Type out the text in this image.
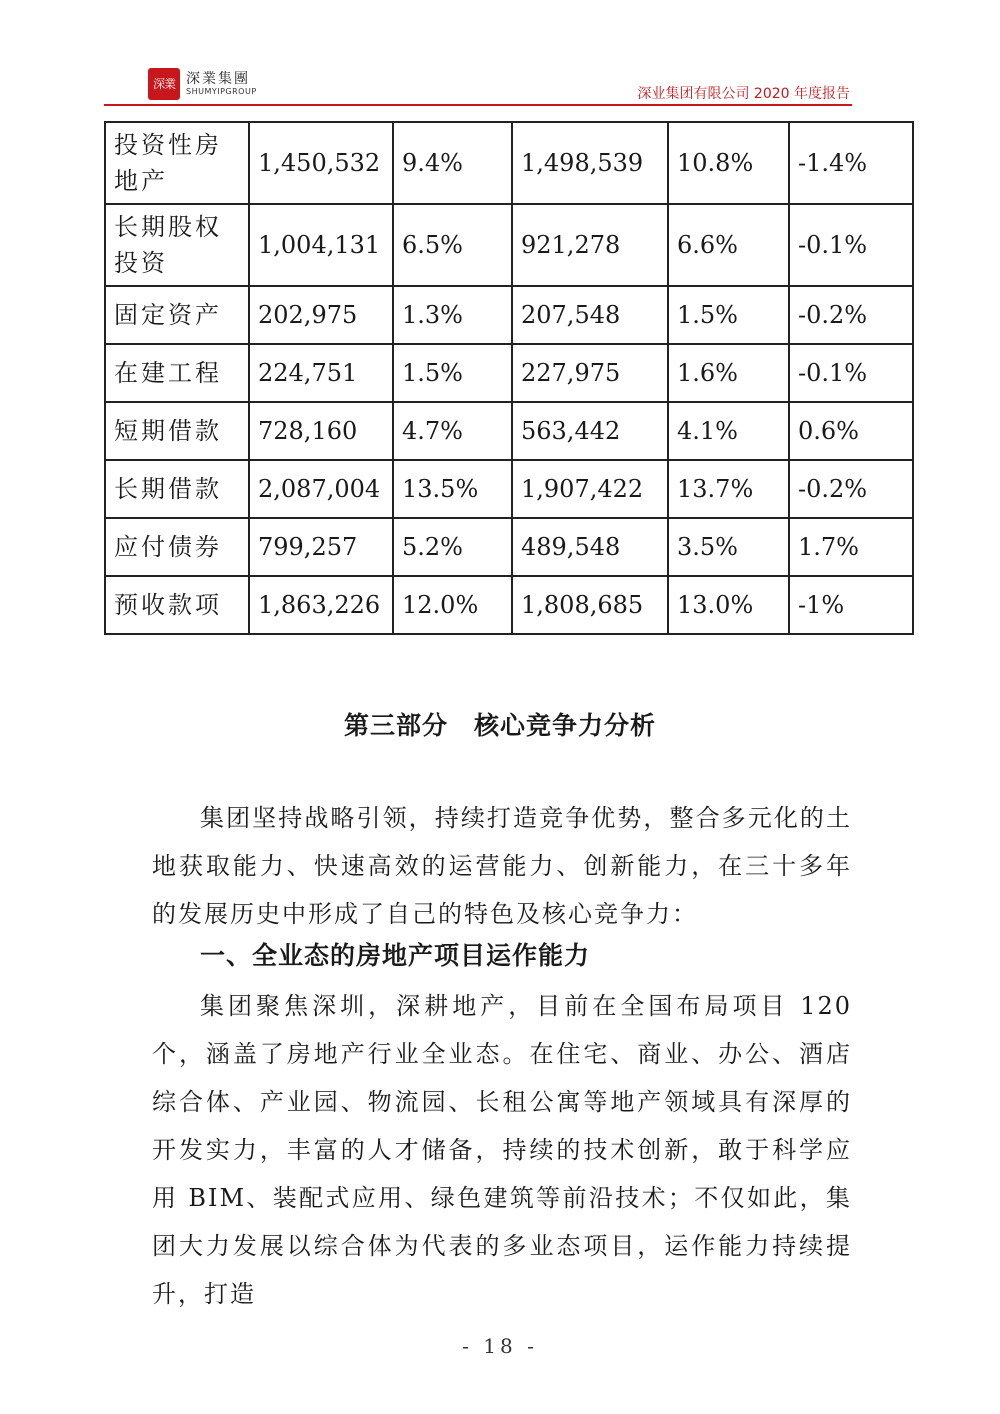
深業 深業集團
SHUMYIPGROUP	深业集团有限公司 2020 年度报告
投资性房地产	1,450,532	9.4%	1,498,539	10.8%	-1.4%
长期股权投资	1,004,131	6.5%	921,278	6.6%	-0.1%
固定资产	202,975	1.3%	207,548	1.5%	-0.2%
在建工程	224,751	1.5%	227,975	1.6%	-0.1%
短期借款	728,160	4.7%	563,442	4.1%	0.6%
长期借款	2,087,004	13.5%	1,907,422	13.7%	-0.2%
应付债券	799,257	5.2%	489,548	3.5%	1.7%
预收款项	1,863,226	12.0%	1,808,685	13.0%	-1%
第三部分　核心竞争力分析

集团坚持战略引领，持续打造竞争优势，整合多元化的土地获取能力、快速高效的运营能力、创新能力，在三十多年的发展历史中形成了自己的特色及核心竞争力：

一、全业态的房地产项目运作能力

集团聚焦深圳，深耕地产，目前在全国布局项目 120 个，涵盖了房地产行业全业态。在住宅、商业、办公、酒店综合体、产业园、物流园、长租公寓等地产领域具有深厚的开发实力，丰富的人才储备，持续的技术创新，敢于科学应用 BIM、装配式应用、绿色建筑等前沿技术；不仅如此，集团大力发展以综合体为代表的多业态项目，运作能力持续提升，打造

- 18 -
